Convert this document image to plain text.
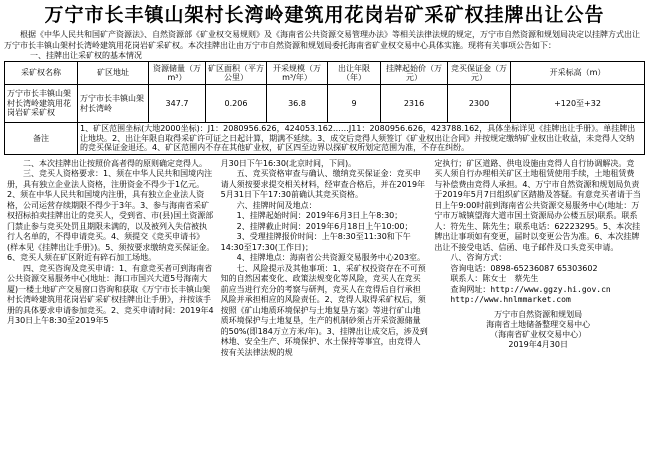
万宁市长丰镇山架村长湾岭建筑用花岗岩矿采矿权挂牌出让公告
根据《中华人民共和国矿产资源法》、自然资源部《矿业权交易规则》及《海南省公共资源交易管理办法》等相关法律法规的规定，万宁市自然资源和规划局决定以挂牌方式出让万宁市长丰镇山架村长湾岭建筑用花岗岩矿采矿权。本次挂牌出让由万宁市自然资源和规划局委托海南省矿业权交易中心具体实施。现将有关事项公告如下：
一、挂牌出让采矿权的基本情况
采矿权名称	矿区地址	资源储量（万m³）	矿区面积（平方公里）	开采规模（万m³/年）	出让年限（年）	挂牌起始价（万元）	竞买保证金（万元）	开采标高（m）
万宁市长丰镇山架村长湾岭建筑用花岗岩矿采矿权	万宁市长丰镇山架村长湾岭	347.7	0.206	36.8	9	2316	2300	+120至+32
备注	1、矿区范围坐标(大地2000坐标)：J1：2080956.626，424053.162……J11：2080956.626，423788.162，具体坐标详见《挂牌出让手册》。单挂牌出让地块。2、出让年限自取得采矿许可证之日起计算，期满不延续。3、成交后竞得人须签订《矿业权出让合同》并按规定缴纳矿业权出让收益，未竞得人交纳的竞买保证金退还。4、矿区范围内不存在其他矿业权，矿区四至边界以探矿权所划定范围为准，不存在纠纷。							

二、本次挂牌出让按照价高者得的原则确定竞得人。

三、竞买人资格要求：1、须在中华人民共和国境内注册，具有独立企业法人资格，注册资金不得少于1亿元。2、须在中华人民共和国境内注册，具有独立企业法人资格，公司运营存续期限不得少于3年。3、参与海南省采矿权招标拍卖挂牌出让的竞买人，受到省、市(县)国土资源部门禁止参与竞买处罚且期限未满的，以及被列入失信被执行人名单的，不得申请竞买。4、须提交《竞买申请书》(样本见《挂牌出让手册》)。5、须按要求缴纳竞买保证金。6、竞买人须在矿区附近有碎石加工场地。

四、竞买咨询及竞买申请：1、有意竞买者可到海南省公共资源交易服务中心(地址：海口市国兴大道5号海南大厦)一楼土地矿产交易窗口咨询和获取《万宁市长丰镇山架村长湾岭建筑用花岗岩矿采矿权挂牌出让手册》，并按该手册的具体要求申请参加竞买。2、竞买申请时间：2019年4月30日上午8:30至2019年5

月30日下午16:30(北京时间，下同)。

五、竞买资格审查与确认、缴纳竞买保证金：竞买申请人须按要求提交相关材料，经审查合格后，并在2019年5月31日下午17:30前确认其竞买资格。

六、挂牌时间及地点：

1、挂牌起始时间：2019年6月3日上午8:30；

2、挂牌截止时间：2019年6月18日上午10:00；

3、受理挂牌报价时间：上午8:30至11:30和下午14:30至17:30(工作日)；

4、挂牌地点：海南省公共资源交易服务中心203室。

七、风险提示及其他事项：1、采矿权投资存在不可预知的自然因素变化、政策法规变化等风险，竞买人在竞买前应当进行充分的考察与研判，竞买人在竞得后自行承担风险并承担相应的风险责任。2、竞得人取得采矿权后，须按照《矿山地质环境保护与土地复垦方案》等进行矿山地质环境保护与土地复垦，生产的机制砂须占开采资源储量的50%(即184万立方米/年)。3、挂牌出让成交后，涉及到林地、安全生产、环境保护、水土保持等事宜，由竞得人按有关法律法规的规

定执行；矿区道路、供电设施由竞得人自行协调解决。竞买人须自行办理相关矿区土地租赁使用手续，土地租赁费与补偿费由竞得人承担。4、万宁市自然资源和规划局负责于2019年5月7日组织矿区踏勘及答疑。有意竞买者请于当日上午9:00时前到海南省公共资源交易服务中心(地址：万宁市万城镇望海大道市国土资源局办公楼五层)联系。联系人：符先生、陈先生；联系电话：62223295。5、本次挂牌出让事项如有变更，届时以变更公告为准。6、本次挂牌出让不接受电话、信函、电子邮件及口头竞买申请。

八、咨询方式：

咨询电话：0898-65236087 65303602

联系人：陈女士　蔡先生

查询网址：http://www.ggzy.hi.gov.cn

http://www.hnlmmarket.com

万宁市自然资源和规划局
海南省土地储备整理交易中心
（海南省矿业权交易中心）
2019年4月30日
